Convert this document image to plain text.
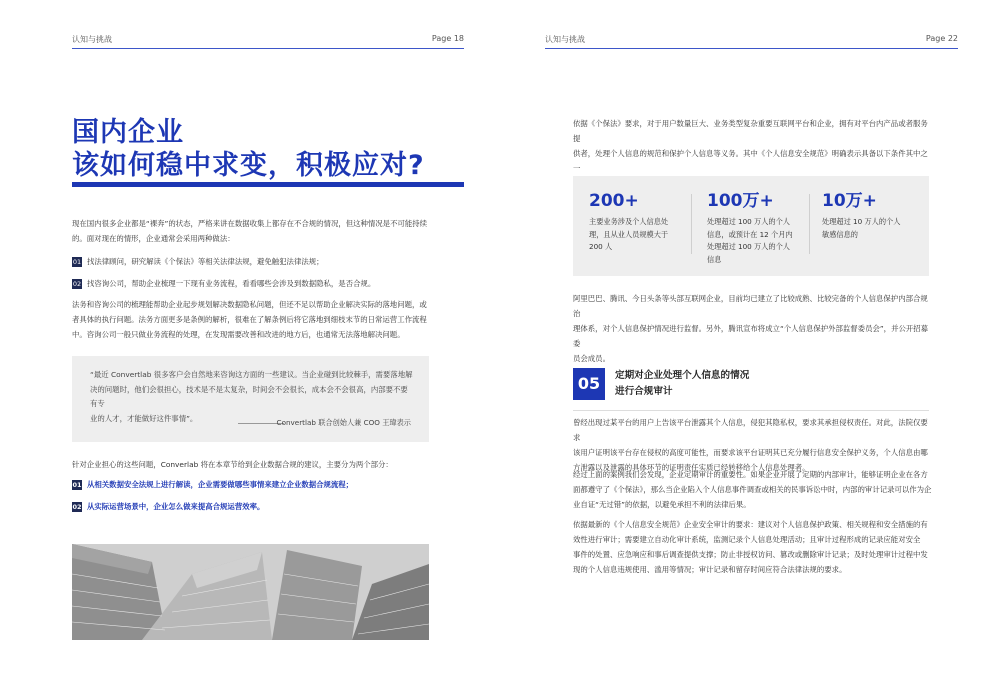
认知与挑战	Page 18
国内企业
该如何稳中求变，积极应对?
现在国内很多企业都是“裸奔”的状态，严格来讲在数据收集上都存在不合规的情况，但这种情况是不可能持续
的。面对现在的情形，企业通常会采用两种做法：
01 找法律顾问，研究解读《个保法》等相关法律法规，避免触犯法律法规；
02 找咨询公司，帮助企业梳理一下现有业务流程，看看哪些会涉及到数据隐私，是否合规。
法务和咨询公司的梳理能帮助企业起步规划解决数据隐私问题，但还不足以帮助企业解决实际的落地问题，或
者具体的执行问题。法务方面更多是条例的解析，很难在了解条例后将它落地到细枝末节的日常运营工作流程
中。咨询公司一般只做业务流程的处理，在发现需要改善和改进的地方后，也通常无法落地解决问题。
“最近 Convertlab 很多客户会自然地来咨询这方面的一些建议。当企业碰到比较棘手，需要落地解
决的问题时，他们会很担心，技术是不是太复杂，时间会不会很长，成本会不会很高，内部要不要有专
业的人才，才能做好这件事情”。	Convertlab 联合创始人兼 COO 王瑋表示
针对企业担心的这些问题，Converlab 将在本章节给到企业数据合规的建议，主要分为两个部分：
01 从相关数据安全法规上进行解读，企业需要做哪些事情来建立企业数据合规流程；
02 从实际运营场景中，企业怎么做来提高合规运营效率。
认知与挑战	Page 22
依据《个保法》要求，对于用户数量巨大、业务类型复杂重要互联网平台和企业，拥有对平台内产品或者服务提
供者，处理个人信息的规范和保护个人信息等义务。其中《个人信息安全规范》明确表示具备以下条件其中之一
200+
主要业务涉及个人信息处
理，且从业人员规模大于
200 人
100万+
处理超过 100 万人的个人
信息，或预计在 12 个月内
处理超过 100 万人的个人
信息
10万+
处理超过 10 万人的个人
敏感信息的
阿里巴巴、腾讯、今日头条等头部互联网企业，目前均已建立了比较成熟、比较完备的个人信息保护内部合规治
理体系，对个人信息保护情况进行监督。另外，腾讯宣布将成立“个人信息保护外部监督委员会”，并公开招募委
员会成员。
05	定期对企业处理个人信息的情况
进行合规审计
曾经出现过某平台的用户上告该平台泄露其个人信息，侵犯其隐私权，要求其承担侵权责任。对此，法院仅要求
该用户证明该平台存在侵权的高度可能性，而要求该平台证明其已充分履行信息安全保护义务，个人信息由哪
方泄露以及泄露的具体环节的证明责任实质已经转移给个人信息处理者。
经过上面的案例我们会发现，企业定期审计的重要性。如果企业开展了定期的内部审计，能够证明企业在各方
面都遵守了《个保法》，那么当企业陷入个人信息事件调查或相关的民事诉讼中时，内部的审计记录可以作为企
业自证“无过错”的依据，以避免承担不利的法律后果。
依据最新的《个人信息安全规范》企业安全审计的要求：建议对个人信息保护政策、相关规程和安全措施的有
效性进行审计；需要建立自动化审计系统，监测记录个人信息处理活动；且审计过程形成的记录应能对安全
事件的处置、应急响应和事后调查提供支撑；防止非授权访问、篡改或删除审计记录；及时处理审计过程中发
现的个人信息违规使用、滥用等情况；审计记录和留存时间应符合法律法规的要求。
